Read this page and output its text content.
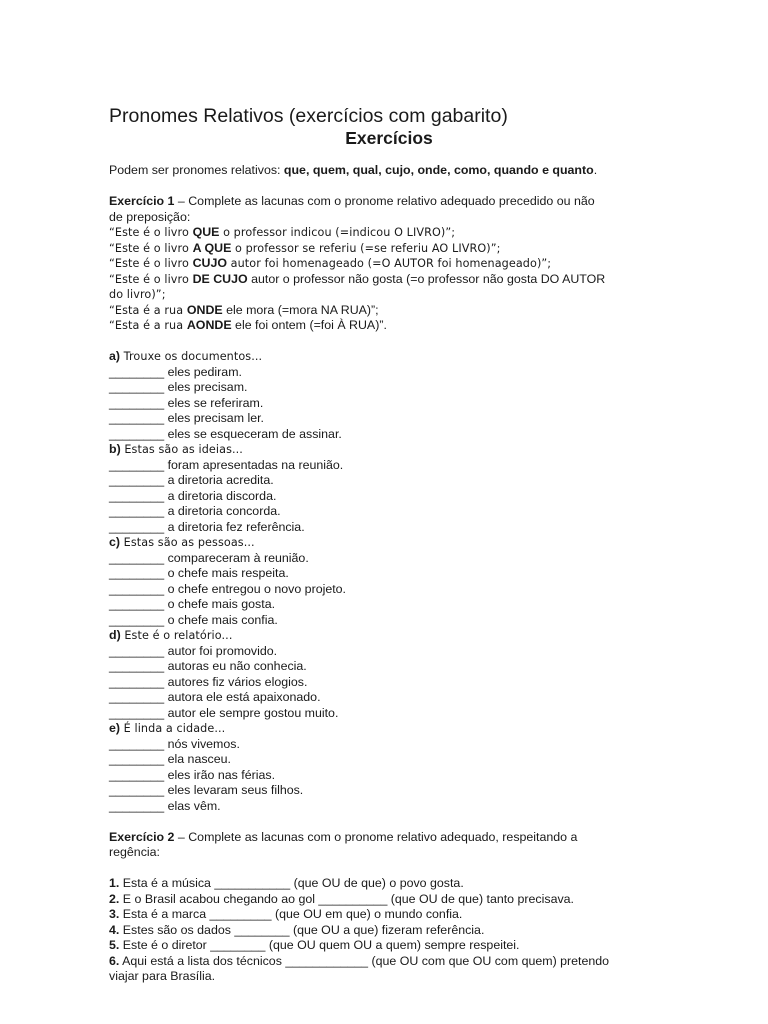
Pronomes Relativos (exercícios com gabarito)
Exercícios

Podem ser pronomes relativos: que, quem, qual, cujo, onde, como, quando e quanto.

Exercício 1 – Complete as lacunas com o pronome relativo adequado precedido ou não

de preposição:

“Este é o livro QUE o professor indicou (=indicou O LIVRO)”;

“Este é o livro A QUE o professor se referiu (=se referiu AO LIVRO)”;

“Este é o livro CUJO autor foi homenageado (=O AUTOR foi homenageado)”;

“Este é o livro DE CUJO autor o professor não gosta (=o professor não gosta DO AUTOR

do livro)”;

“Esta é a rua ONDE ele mora (=mora NA RUA)”;

“Esta é a rua AONDE ele foi ontem (=foi À RUA)”.

a) Trouxe os documentos...

________ eles pediram.

________ eles precisam.

________ eles se referiram.

________ eles precisam ler.

________ eles se esqueceram de assinar.

b) Estas são as ideias...

________ foram apresentadas na reunião.

________ a diretoria acredita.

________ a diretoria discorda.

________ a diretoria concorda.

________ a diretoria fez referência.

c) Estas são as pessoas...

________ compareceram à reunião.

________ o chefe mais respeita.

________ o chefe entregou o novo projeto.

________ o chefe mais gosta.

________ o chefe mais confia.

d) Este é o relatório...

________ autor foi promovido.

________ autoras eu não conhecia.

________ autores fiz vários elogios.

________ autora ele está apaixonado.

________ autor ele sempre gostou muito.

e) É linda a cidade...

________ nós vivemos.

________ ela nasceu.

________ eles irão nas férias.

________ eles levaram seus filhos.

________ elas vêm.

Exercício 2 – Complete as lacunas com o pronome relativo adequado, respeitando a

regência:

1. Esta é a música ___________ (que OU de que) o povo gosta.

2. E o Brasil acabou chegando ao gol __________ (que OU de que) tanto precisava.

3. Esta é a marca _________ (que OU em que) o mundo confia.

4. Estes são os dados ________ (que OU a que) fizeram referência.

5. Este é o diretor ________ (que OU quem OU a quem) sempre respeitei.

6. Aqui está a lista dos técnicos ____________ (que OU com que OU com quem) pretendo

viajar para Brasília.
